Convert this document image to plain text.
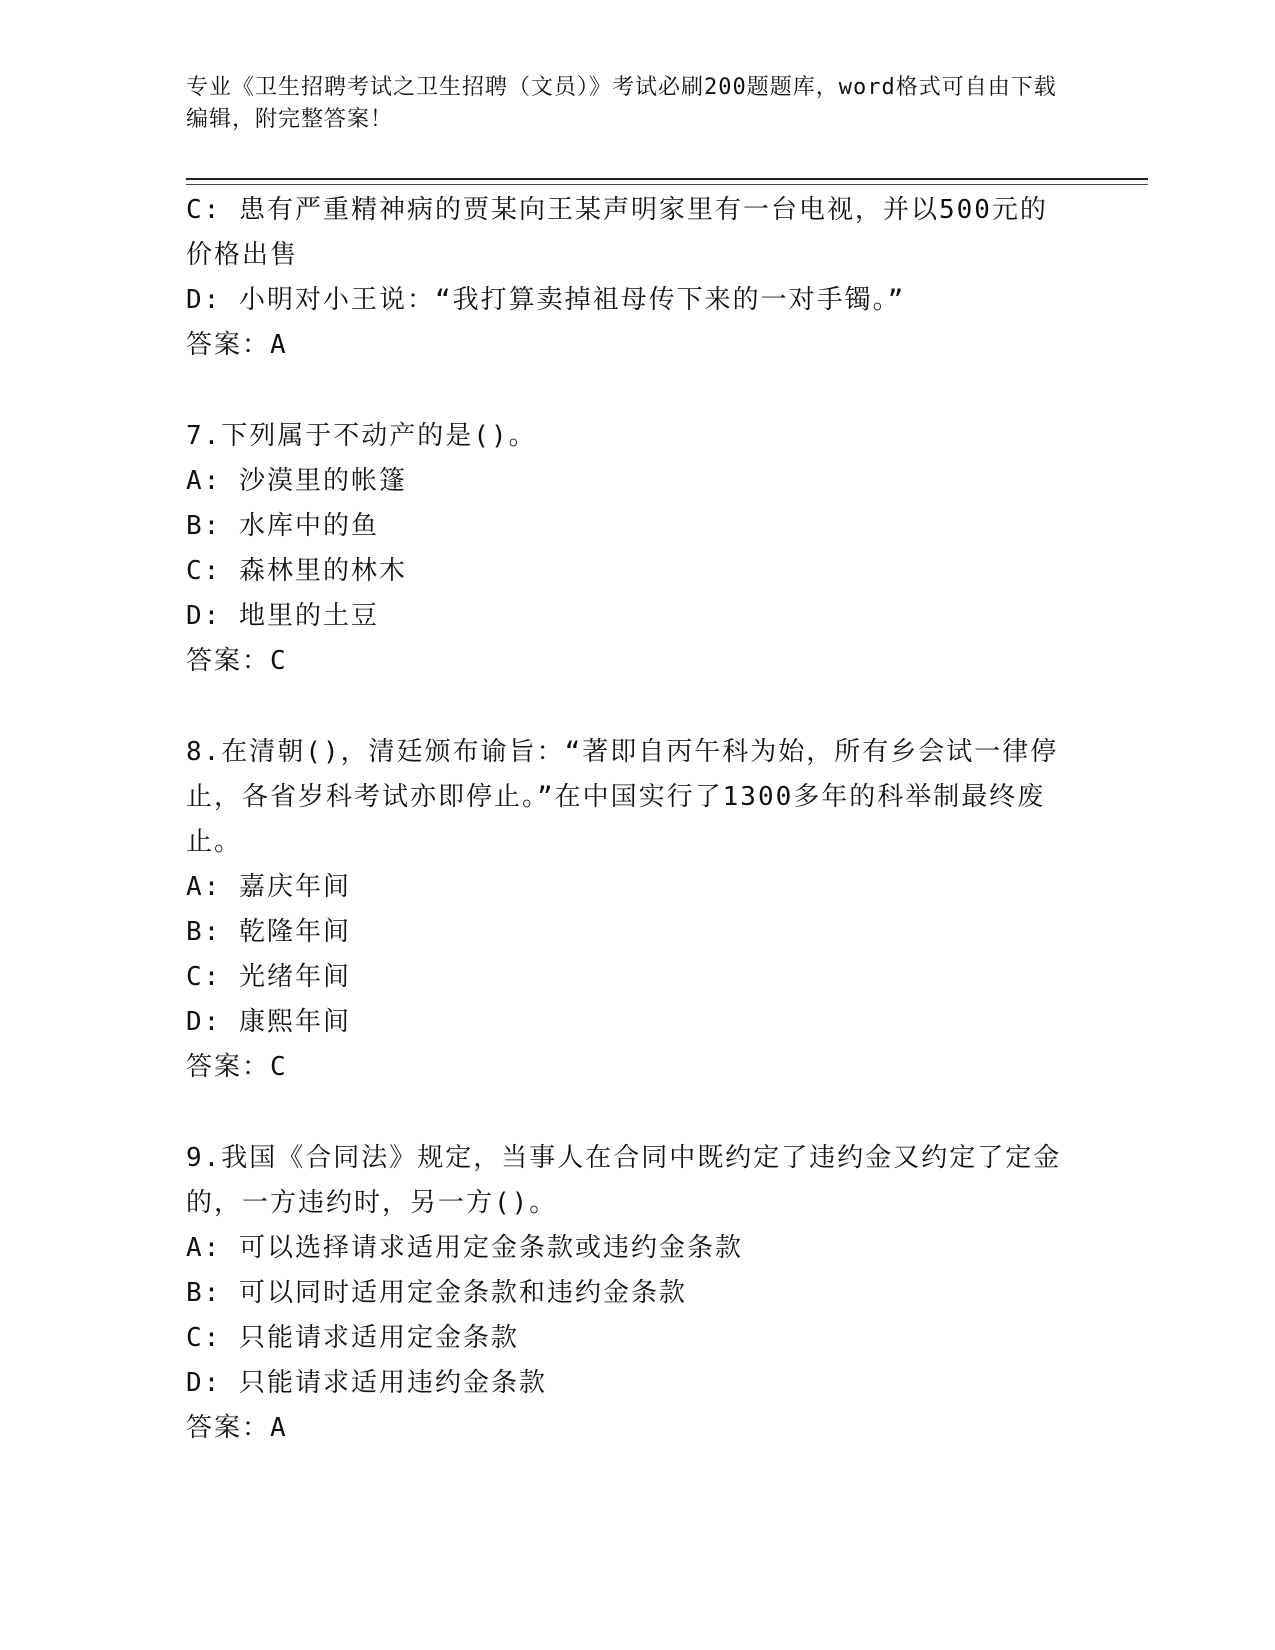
专业《卫生招聘考试之卫生招聘（文员）》考试必刷200题题库，word格式可自由下载编辑，附完整答案！

C: 患有严重精神病的贾某向王某声明家里有一台电视，并以500元的价格出售

D: 小明对小王说：“我打算卖掉祖母传下来的一对手镯。”

答案：A

7.下列属于不动产的是()。

A: 沙漠里的帐篷

B: 水库中的鱼

C: 森林里的林木

D: 地里的土豆

答案：C

8.在清朝()，清廷颁布谕旨：“著即自丙午科为始，所有乡会试一律停止，各省岁科考试亦即停止。”在中国实行了1300多年的科举制最终废止。

A: 嘉庆年间

B: 乾隆年间

C: 光绪年间

D: 康熙年间

答案：C

9.我国《合同法》规定，当事人在合同中既约定了违约金又约定了定金的，一方违约时，另一方()。

A: 可以选择请求适用定金条款或违约金条款

B: 可以同时适用定金条款和违约金条款

C: 只能请求适用定金条款

D: 只能请求适用违约金条款

答案：A
